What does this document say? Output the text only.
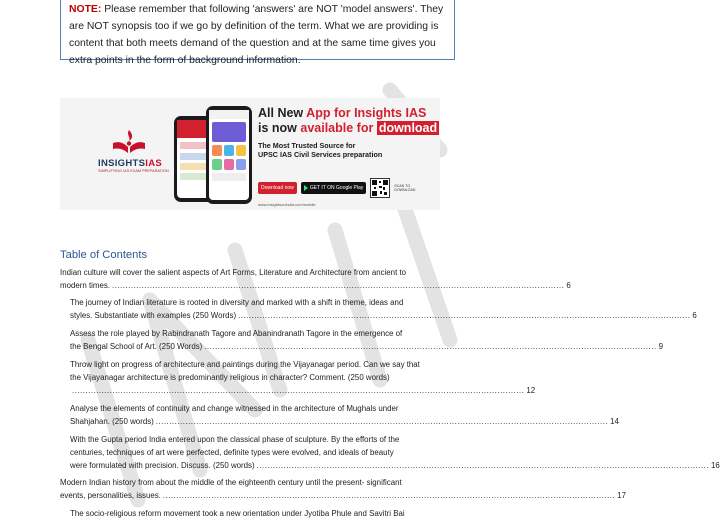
NOTE: Please remember that following 'answers' are NOT 'model answers'. They are NOT synopsis too if we go by definition of the term. What we are providing is content that both meets demand of the question and at the same time gives you extra points in the form of background information.
INSIGHTSIAS
SIMPLIFYING IAS EXAM PREPARATION
All New App for Insights IAS
is now available for download
The Most Trusted Source for
UPSC IAS Civil Services preparation
Download now	GET IT ON Google Play	SCAN TO DOWNLOAD
www.insightsonindia.com/mobile
Table of Contents
Indian culture will cover the salient aspects of Art Forms, Literature and Architecture from ancient to
modern times. ........................................................................................................................................................................ 6
The journey of Indian literature is rooted in diversity and marked with a shift in theme, ideas and
styles. Substantiate with examples (250 Words) ........................................................................................................................................................................ 6
Assess the role played by Rabindranath Tagore and Abanindranath Tagore in the emergence of
the Bengal School of Art. (250 Words) ........................................................................................................................................................................ 9
Throw light on progress of architecture and paintings during the Vijayanagar period. Can we say that the Vijayanagar architecture is predominantly religious in character? Comment. (250 words)
........................................................................................................................................................................ 12
Analyse the elements of continuity and change witnessed in the architecture of Mughals under
Shahjahan. (250 words) ........................................................................................................................................................................ 14
With the Gupta period India entered upon the classical phase of sculpture. By the efforts of the centuries, techniques of art were perfected, definite types were evolved, and ideals of beauty
were formulated with precision. Discuss. (250 words) ........................................................................................................................................................................ 16
Modern Indian history from about the middle of the eighteenth century until the present- significant
events, personalities, issues. ........................................................................................................................................................................ 17
The socio-religious reform movement took a new orientation under Jyotiba Phule and Savitri Bai
